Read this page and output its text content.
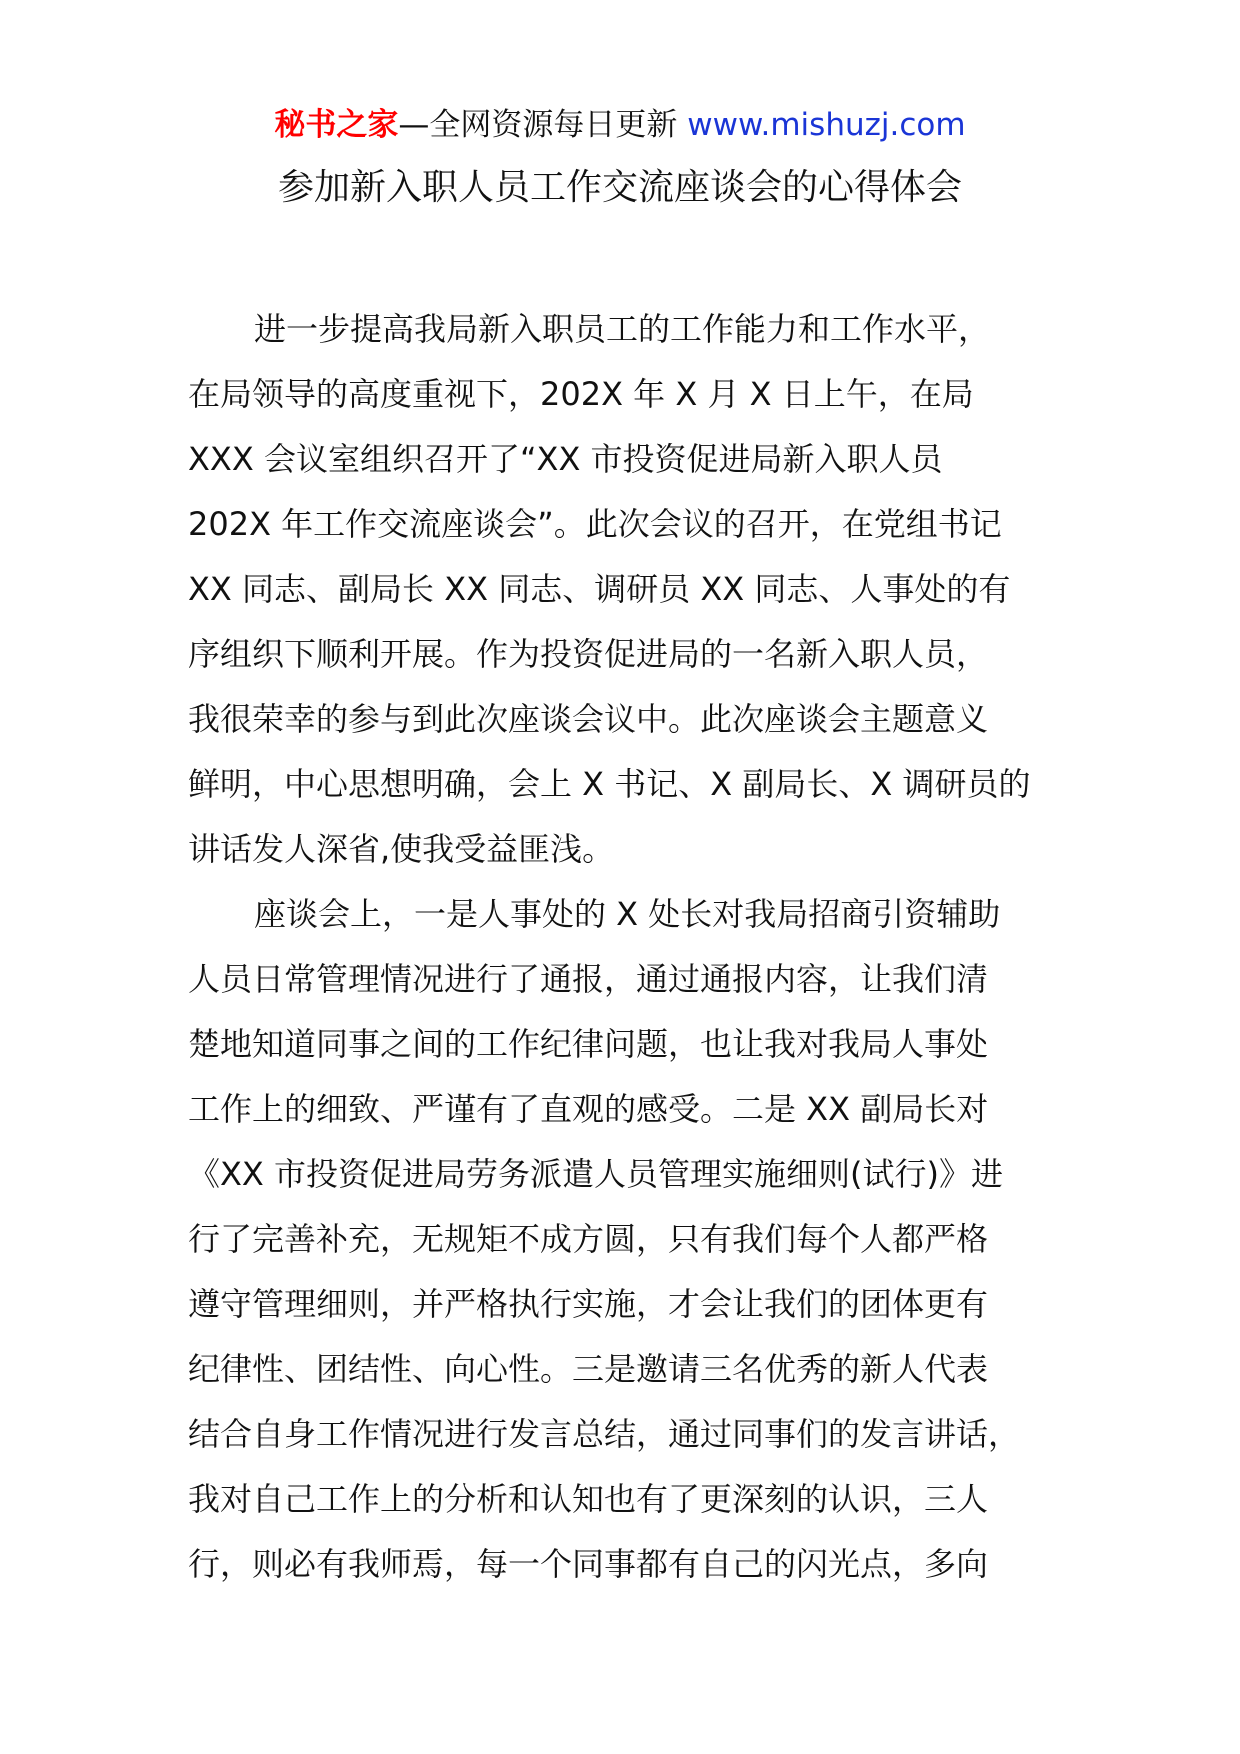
秘书之家—全网资源每日更新 www.mishuzj.com
参加新入职人员工作交流座谈会的心得体会
进一步提高我局新入职员工的工作能力和工作水平，
在局领导的高度重视下，202X 年 X 月 X 日上午，在局
XXX 会议室组织召开了“XX 市投资促进局新入职人员
202X 年工作交流座谈会”。此次会议的召开，在党组书记
XX 同志、副局长 XX 同志、调研员 XX 同志、人事处的有
序组织下顺利开展。作为投资促进局的一名新入职人员，
我很荣幸的参与到此次座谈会议中。此次座谈会主题意义
鲜明，中心思想明确，会上 X 书记、X 副局长、X 调研员的
讲话发人深省,使我受益匪浅。
座谈会上，一是人事处的 X 处长对我局招商引资辅助
人员日常管理情况进行了通报，通过通报内容，让我们清
楚地知道同事之间的工作纪律问题，也让我对我局人事处
工作上的细致、严谨有了直观的感受。二是 XX 副局长对
《XX 市投资促进局劳务派遣人员管理实施细则(试行)》进
行了完善补充，无规矩不成方圆，只有我们每个人都严格
遵守管理细则，并严格执行实施，才会让我们的团体更有
纪律性、团结性、向心性。三是邀请三名优秀的新人代表
结合自身工作情况进行发言总结，通过同事们的发言讲话，
我对自己工作上的分析和认知也有了更深刻的认识，三人
行，则必有我师焉，每一个同事都有自己的闪光点，多向
